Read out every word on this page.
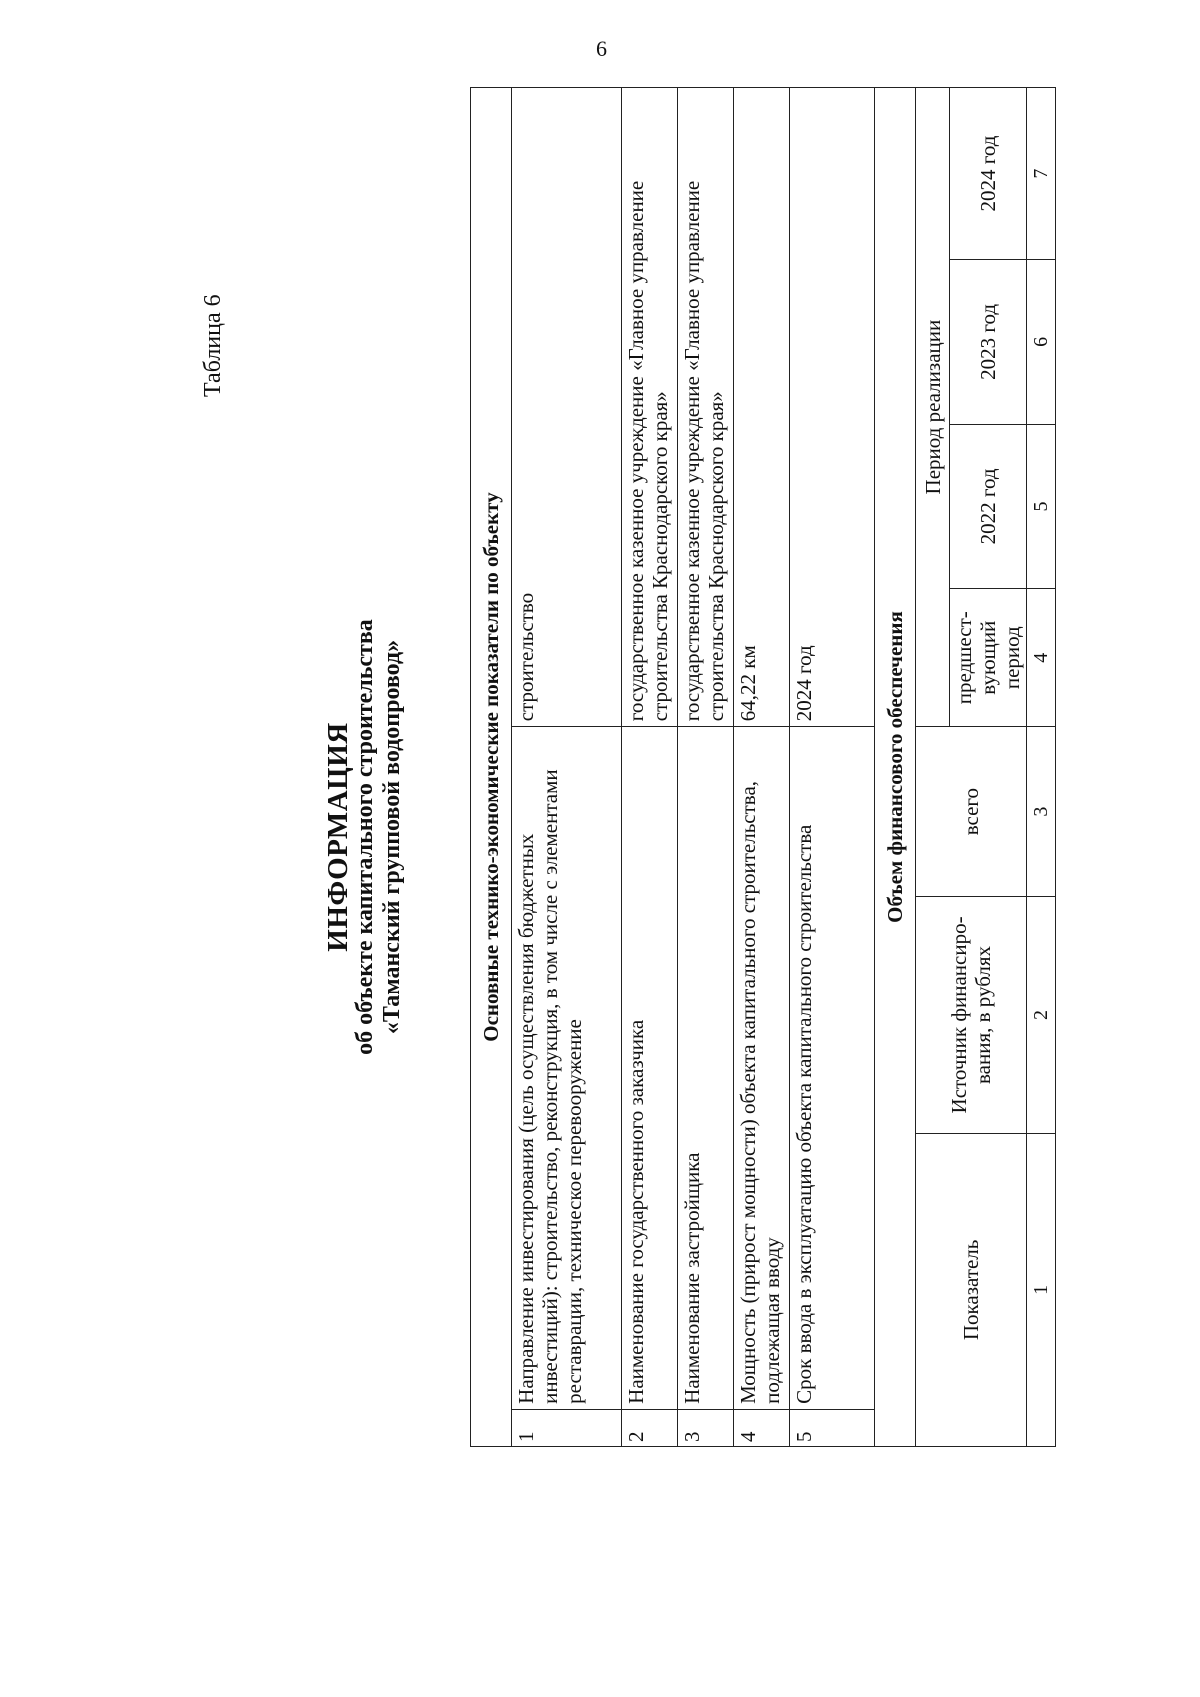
6
Таблица 6
ИНФОРМАЦИЯ
об объекте капитального строительства «Таманский групповой водопровод»	Основные технико-экономические показатели по объекту							
1	Направление инвестирования (цель осуществления бюджетных инвестиций): строительство, реконструкция, в том числе с элементами реставрации, техническое перевооружение			строительство			
2	Наименование государственного заказчика			государственное казенное учреждение «Главное управление строительства Краснодарского края»			
3	Наименование застройщика			государственное казенное учреждение «Главное управление строительства Краснодарского края»			
4	Мощность (прирост мощности) объекта капитального строительства, подлежащая вводу			64,22 км			
5	Срок ввода в эксплуатацию объекта капитального строительства			2024 год			
Объем финансового обеспечения							
Показатель		Источник финансиро-вания, в рублях	всего	Период реализации			
				предшест-вующий период	2022 год	2023 год	2024 год
1		2	3	4	5	6	7
